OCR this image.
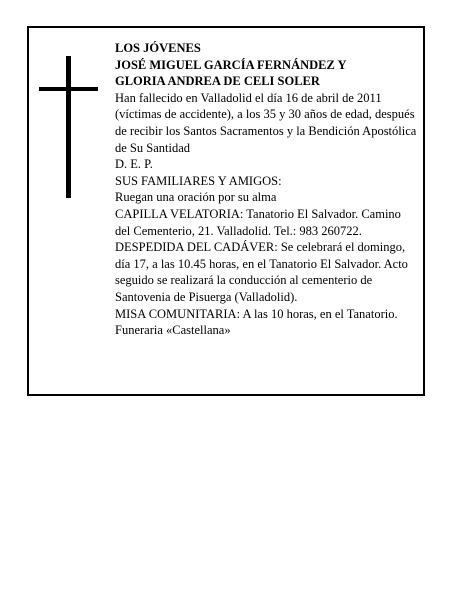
LOS JÓVENES
JOSÉ MIGUEL GARCÍA FERNÁNDEZ Y
GLORIA ANDREA DE CELI SOLER
Han fallecido en Valladolid el día 16 de abril de 2011 (víctimas de accidente), a los 35 y 30 años de edad, después de recibir los Santos Sacramentos y la Bendición Apostólica de Su Santidad
D. E. P.
SUS FAMILIARES Y AMIGOS:
Ruegan una oración por su alma
CAPILLA VELATORIA: Tanatorio El Salvador. Camino del Cementerio, 21. Valladolid. Tel.: 983 260722.
DESPEDIDA DEL CADÁVER: Se celebrará el domingo, día 17, a las 10.45 horas, en el Tanatorio El Salvador. Acto seguido se realizará la conducción al cementerio de Santovenia de Pisuerga (Valladolid).
MISA COMUNITARIA: A las 10 horas, en el Tanatorio.
Funeraria «Castellana»
